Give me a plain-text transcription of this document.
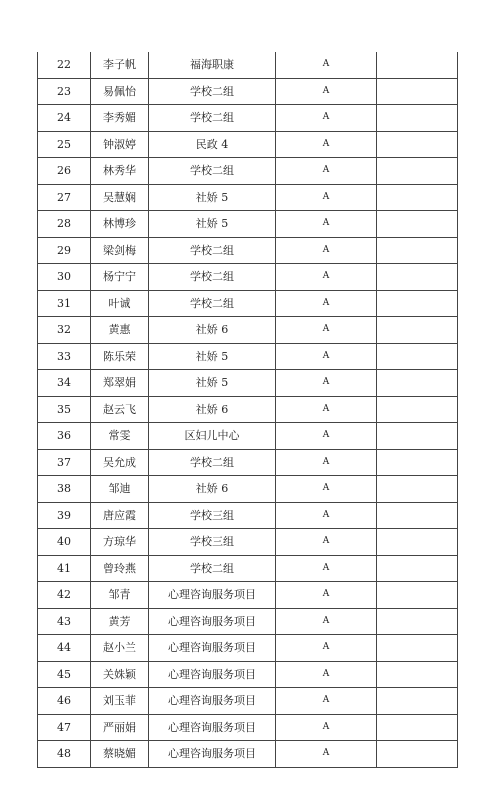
22	李子帆	福海职康	A	
23	易佩怡	学校二组	A	
24	李秀媚	学校二组	A	
25	钟淑婷	民政 4	A	
26	林秀华	学校二组	A	
27	吴慧娴	社娇 5	A	
28	林博珍	社娇 5	A	
29	梁剑梅	学校二组	A	
30	杨宁宁	学校二组	A	
31	叶诚	学校二组	A	
32	黄惠	社娇 6	A	
33	陈乐荣	社娇 5	A	
34	郑翠娟	社娇 5	A	
35	赵云飞	社娇 6	A	
36	常雯	区妇儿中心	A	
37	吴允成	学校二组	A	
38	邹迪	社娇 6	A	
39	唐应霞	学校三组	A	
40	方琼华	学校三组	A	
41	曾玲燕	学校二组	A	
42	邹青	心理咨询服务项目	A	
43	黄芳	心理咨询服务项目	A	
44	赵小兰	心理咨询服务项目	A	
45	关姝颖	心理咨询服务项目	A	
46	刘玉菲	心理咨询服务项目	A	
47	严丽娟	心理咨询服务项目	A	
48	蔡晓媚	心理咨询服务项目	A	
